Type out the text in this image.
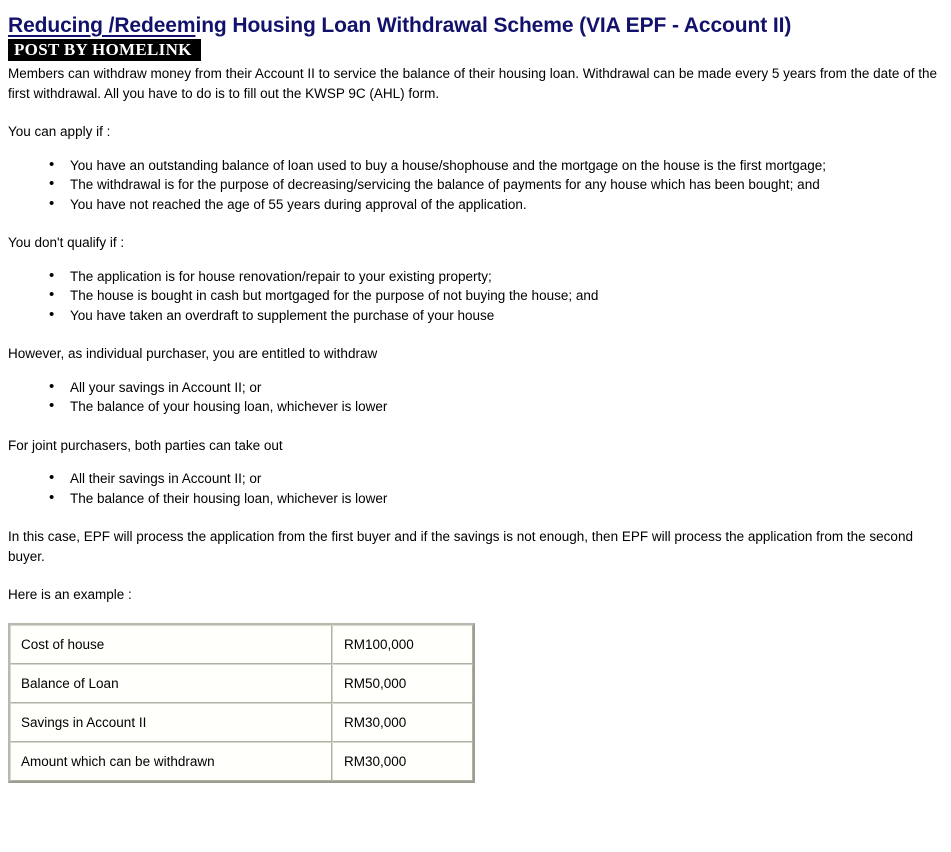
Reducing /Redeeming Housing Loan Withdrawal Scheme (VIA EPF - Account II)
POST BY HOMELINK

Members can withdraw money from their Account II to service the balance of their housing loan. Withdrawal can be made every 5 years from the date of the first withdrawal. All you have to do is to fill out the KWSP 9C (AHL) form.

You can apply if :

• You have an outstanding balance of loan used to buy a house/shophouse and the mortgage on the house is the first mortgage;
• The withdrawal is for the purpose of decreasing/servicing the balance of payments for any house which has been bought; and
• You have not reached the age of 55 years during approval of the application.

You don't qualify if :

• The application is for house renovation/repair to your existing property;
• The house is bought in cash but mortgaged for the purpose of not buying the house; and
• You have taken an overdraft to supplement the purchase of your house

However, as individual purchaser, you are entitled to withdraw

• All your savings in Account II; or
• The balance of your housing loan, whichever is lower

For joint purchasers, both parties can take out

• All their savings in Account II; or
• The balance of their housing loan, whichever is lower

In this case, EPF will process the application from the first buyer and if the savings is not enough, then EPF will process the application from the second buyer.

Here is an example :

Cost of house	RM100,000
Balance of Loan	RM50,000
Savings in Account II	RM30,000
Amount which can be withdrawn	RM30,000
